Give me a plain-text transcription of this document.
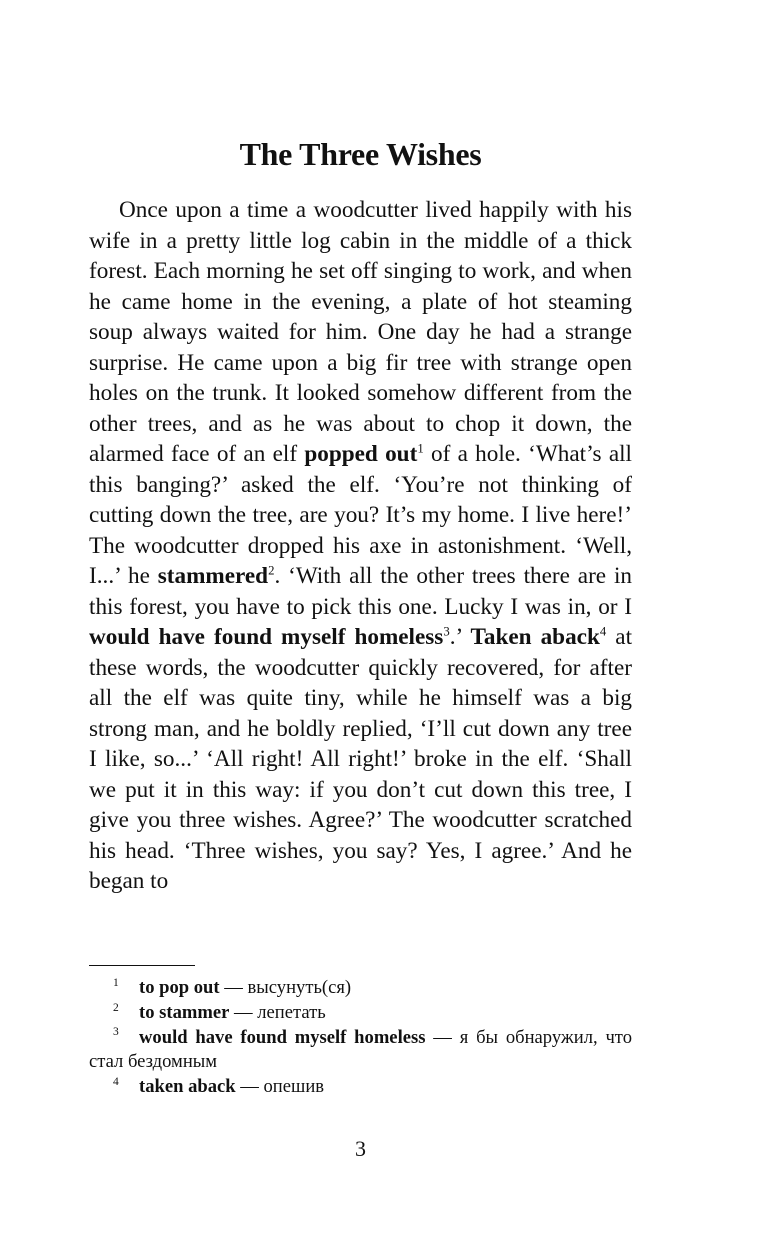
The Three Wishes

Once upon a time a woodcutter lived happily with his wife in a pretty little log cabin in the middle of a thick forest. Each morning he set off singing to work, and when he came home in the evening, a plate of hot steaming soup always waited for him. One day he had a strange surprise. He came upon a big fir tree with strange open holes on the trunk. It looked somehow different from the other trees, and as he was about to chop it down, the alarmed face of an elf popped out$^1$ of a hole. ‘What’s all this banging?’ asked the elf. ‘You’re not thinking of cutting down the tree, are you? It’s my home. I live here!’ The woodcutter dropped his axe in astonishment. ‘Well, I...’ he stammered$^2$. ‘With all the other trees there are in this forest, you have to pick this one. Lucky I was in, or I would have found myself homeless$^3$.’ Taken aback$^4$ at these words, the woodcutter quickly recovered, for after all the elf was quite tiny, while he himself was a big strong man, and he boldly replied, ‘I’ll cut down any tree I like, so...’ ‘All right! All right!’ broke in the elf. ‘Shall we put it in this way: if you don’t cut down this tree, I give you three wishes. Agree?’ The woodcutter scratched his head. ‘Three wishes, you say? Yes, I agree.’ And he began to

1 to pop out — высунуть(ся)
2 to stammer — лепетать
3 would have found myself homeless — я бы обнаружил, что стал бездомным
4 taken aback — опешив
3
